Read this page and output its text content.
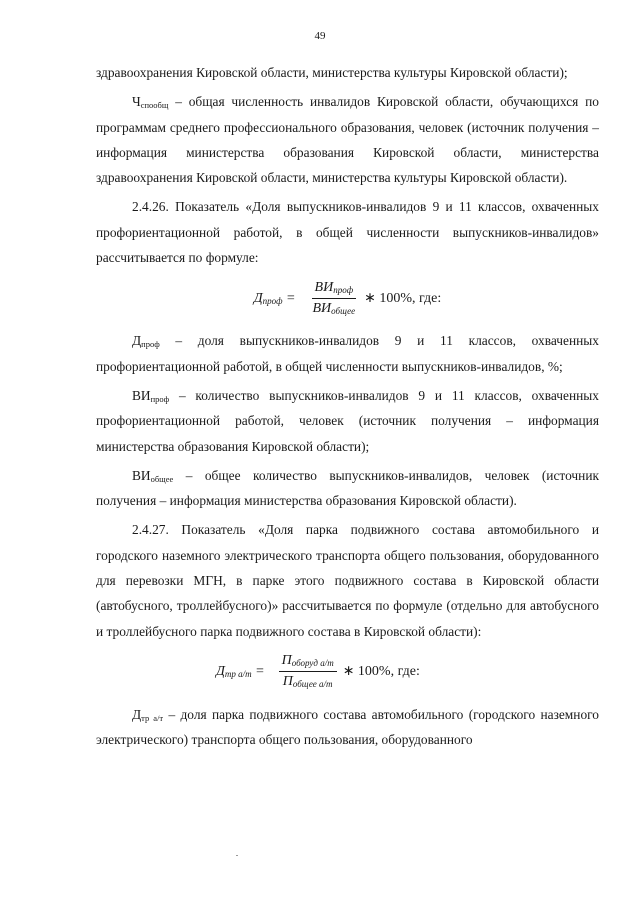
49

здравоохранения Кировской области, министерства культуры Кировской области);

$Ч_{спообщ}$ – общая численность инвалидов Кировской области, обучающихся по программам среднего профессионального образования, человек (источник получения – информация министерства образования Кировской области, министерства здравоохранения Кировской области, министерства культуры Кировской области).

2.4.26. Показатель «Доля выпускников-инвалидов 9 и 11 классов, охваченных профориентационной работой, в общей численности выпускников-инвалидов» рассчитывается по формуле:

$Д_{проф} = \frac{ВИ_{проф}}{ВИ_{общее}}$ ∗ 100%, где:

$Д_{проф}$ – доля выпускников-инвалидов 9 и 11 классов, охваченных профориентационной работой, в общей численности выпускников-инвалидов, %;

$ВИ_{проф}$ – количество выпускников-инвалидов 9 и 11 классов, охваченных профориентационной работой, человек (источник получения – информация министерства образования Кировской области);

$ВИ_{общее}$ – общее количество выпускников-инвалидов, человек (источник получения – информация министерства образования Кировской области).

2.4.27. Показатель «Доля парка подвижного состава автомобильного и городского наземного электрического транспорта общего пользования, оборудованного для перевозки МГН, в парке этого подвижного состава в Кировской области (автобусного, троллейбусного)» рассчитывается по формуле (отдельно для автобусного и троллейбусного парка подвижного состава в Кировской области):

$Д_{тр а/т} = \frac{П_{оборуд а/т}}{П_{общее а/т}}$ ∗ 100%, где:

$Д_{тр а/т}$ – доля парка подвижного состава автомобильного (городского наземного электрического) транспорта общего пользования, оборудованного
